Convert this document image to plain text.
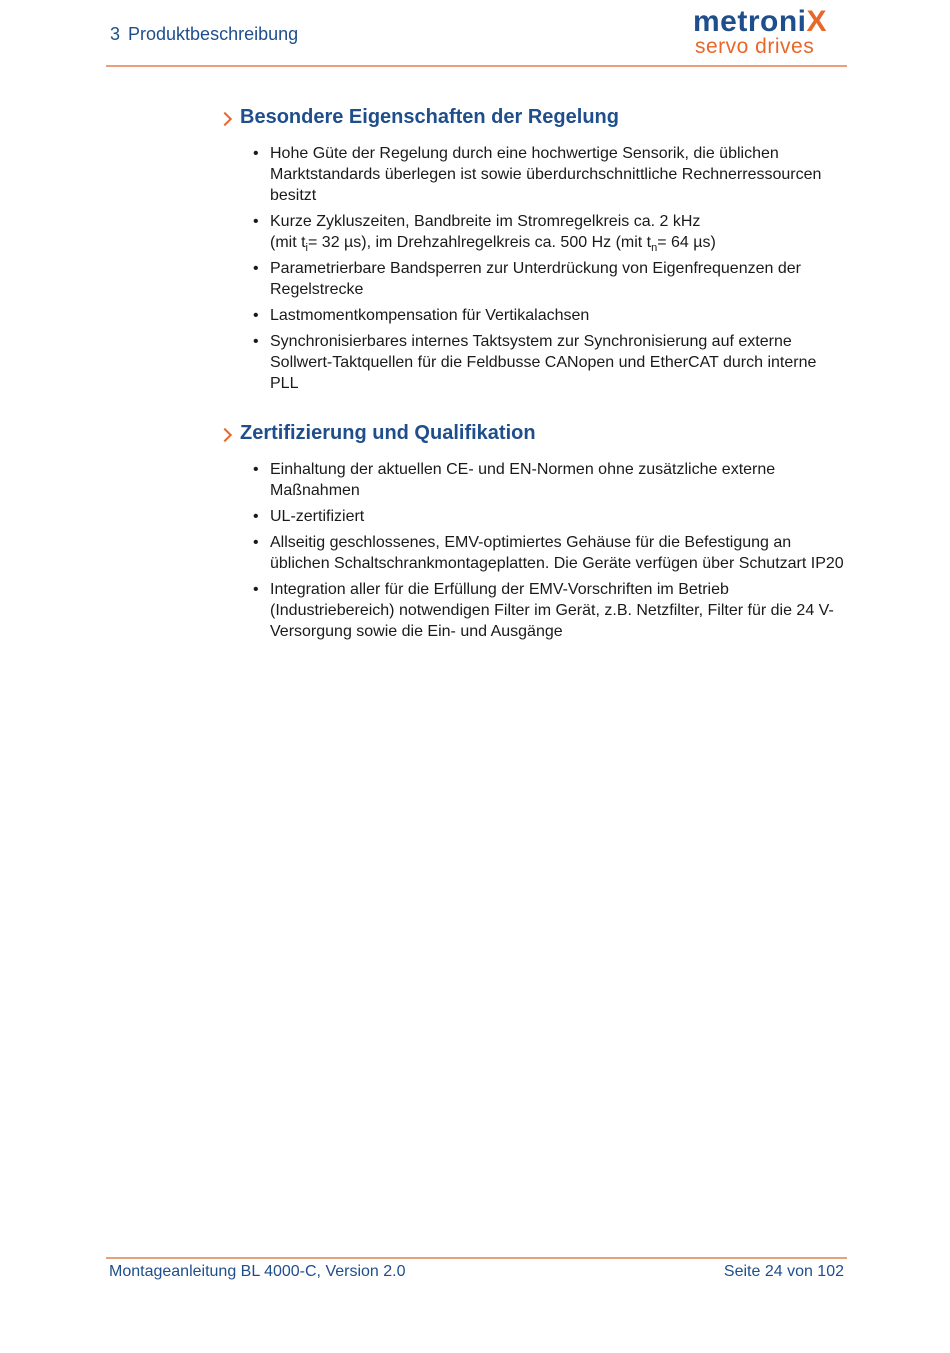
3 Produktbeschreibung	metroniX
servo drives
Besondere Eigenschaften der Regelung
• Hohe Güte der Regelung durch eine hochwertige Sensorik, die üblichen Marktstandards überlegen ist sowie überdurchschnittliche Rechnerressourcen besitzt
• Kurze Zykluszeiten, Bandbreite im Stromregelkreis ca. 2 kHz
(mit $t_i= 32$ µs), im Drehzahlregelkreis ca. 500 Hz (mit $t_n= 64$ µs)
• Parametrierbare Bandsperren zur Unterdrückung von Eigenfrequenzen der Regelstrecke
• Lastmomentkompensation für Vertikalachsen
• Synchronisierbares internes Taktsystem zur Synchronisierung auf externe Sollwert-Taktquellen für die Feldbusse CANopen und EtherCAT durch interne PLL
Zertifizierung und Qualifikation
• Einhaltung der aktuellen CE- und EN-Normen ohne zusätzliche externe Maßnahmen
• UL-zertifiziert
• Allseitig geschlossenes, EMV-optimiertes Gehäuse für die Befestigung an üblichen Schaltschrankmontageplatten. Die Geräte verfügen über Schutzart IP20
• Integration aller für die Erfüllung der EMV-Vorschriften im Betrieb (Industriebereich) notwendigen Filter im Gerät, z.B. Netzfilter, Filter für die 24 V-Versorgung sowie die Ein- und Ausgänge
Montageanleitung BL 4000-C, Version 2.0	Seite 24 von 102
